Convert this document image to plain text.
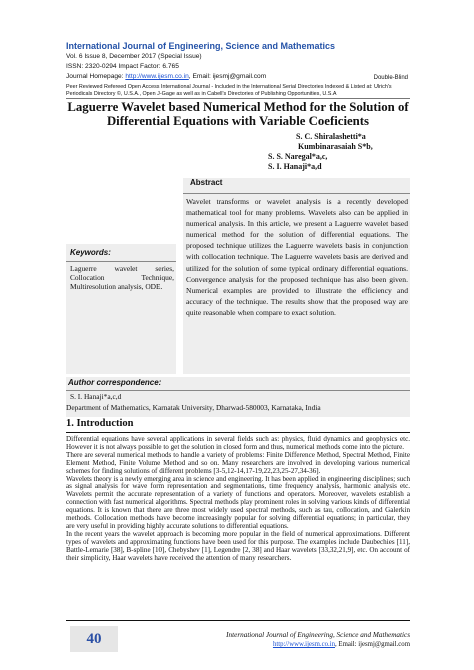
International Journal of Engineering, Science and Mathematics
Vol. 6 Issue 8, December 2017 (Special Issue)
ISSN: 2320-0294 Impact Factor: 6.765
Journal Homepage: http://www.ijesm.co.in, Email: ijesmj@gmail.com	Double-Blind
Peer Reviewed Refereed Open Access International Journal - Included in the International Serial Directories Indexed & Listed at: Ulrich's Periodicals Directory ©, U.S.A., Open J-Gage as well as in Cabell's Directories of Publishing Opportunities, U.S.A
Laguerre Wavelet based Numerical Method for the Solution of Differential Equations with Variable Coeficients
S. C. Shiralashetti*a
Kumbinarasaiah S*b,
S. S. Naregal*a,c,
S. I. Hanaji*a,d
Abstract
Wavelet transforms or wavelet analysis is a recently developed mathematical tool for many problems. Wavelets also can be applied in numerical analysis. In this article, we present a Laguerre wavelet based numerical method for the solution of differential equations. The proposed technique utilizes the Laguerre wavelets basis in conjunction with collocation technique. The Laguerre wavelets basis are derived and utilized for the solution of some typical ordinary differential equations. Convergence analysis for the proposed technique has also been given. Numerical examples are provided to illustrate the efficiency and accuracy of the technique. The results show that the proposed way are quite reasonable when compare to exact solution.
Keywords:
Laguerre wavelet series, Collocation Technique, Multiresolution analysis, ODE.
Author correspondence:
S. I. Hanaji*a,c,d
Department of Mathematics, Karnatak University, Dharwad-580003, Karnataka, India
1. Introduction

Differential equations have several applications in several fields such as: physics, fluid dynamics and geophysics etc. However it is not always possible to get the solution in closed form and thus, numerical methods come into the picture.

There are several numerical methods to handle a variety of problems: Finite Difference Method, Spectral Method, Finite Element Method, Finite Volume Method and so on. Many researchers are involved in developing various numerical schemes for finding solutions of different problems [3-5,12-14,17-19,22,23,25-27,34-36].

Wavelets theory is a newly emerging area in science and engineering. It has been applied in engineering disciplines; such as signal analysis for wave form representation and segmentations, time frequency analysis, harmonic analysis etc. Wavelets permit the accurate representation of a variety of functions and operators. Moreover, wavelets establish a connection with fast numerical algorithms. Spectral methods play prominent roles in solving various kinds of differential equations. It is known that there are three most widely used spectral methods, such as tau, collocation, and Galerkin methods. Collocation methods have become increasingly popular for solving differential equations; in particular, they are very useful in providing highly accurate solutions to differential equations.

In the recent years the wavelet approach is becoming more popular in the field of numerical approximations. Different types of wavelets and approximating functions have been used for this purpose. The examples include Daubechies [11], Battle-Lemarie [38], B-spline [10], Chebyshev [1], Legendre [2, 38] and Haar wavelets [33,32,21,9], etc. On account of their simplicity, Haar wavelets have received the attention of many researchers.

40	International Journal of Engineering, Science and Mathematics
http://www.ijesm.co.in, Email: ijesmj@gmail.com
